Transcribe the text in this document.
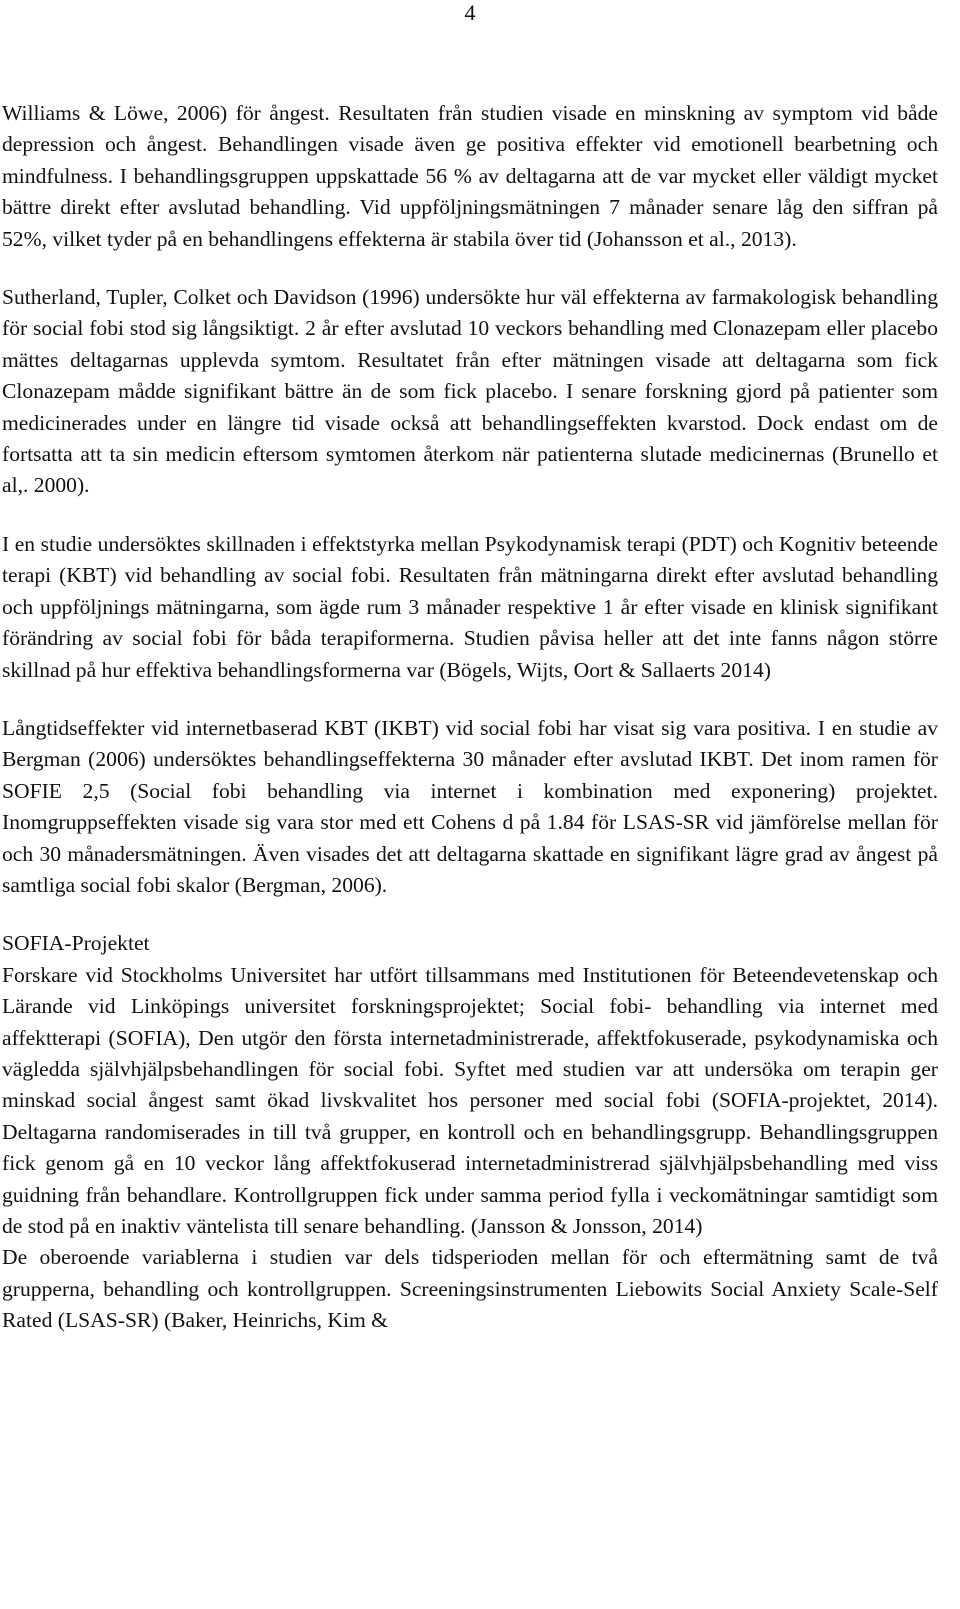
4

Williams & Löwe, 2006) för ångest. Resultaten från studien visade en minskning av symptom vid både depression och ångest. Behandlingen visade även ge positiva effekter vid emotionell bearbetning och mindfulness. I behandlingsgruppen uppskattade 56 % av deltagarna att de var mycket eller väldigt mycket bättre direkt efter avslutad behandling. Vid uppföljningsmätningen 7 månader senare låg den siffran på 52%, vilket tyder på en behandlingens effekterna är stabila över tid (Johansson et al., 2013).

Sutherland, Tupler, Colket och Davidson (1996) undersökte hur väl effekterna av farmakologisk behandling för social fobi stod sig långsiktigt. 2 år efter avslutad 10 veckors behandling med Clonazepam eller placebo mättes deltagarnas upplevda symtom. Resultatet från efter mätningen visade att deltagarna som fick Clonazepam mådde signifikant bättre än de som fick placebo. I senare forskning gjord på patienter som medicinerades under en längre tid visade också att behandlingseffekten kvarstod. Dock endast om de fortsatta att ta sin medicin eftersom symtomen återkom när patienterna slutade medicinernas (Brunello et al,. 2000).

I en studie undersöktes skillnaden i effektstyrka mellan Psykodynamisk terapi (PDT) och Kognitiv beteende terapi (KBT) vid behandling av social fobi. Resultaten från mätningarna direkt efter avslutad behandling och uppföljnings mätningarna, som ägde rum 3 månader respektive 1 år efter visade en klinisk signifikant förändring av social fobi för båda terapiformerna. Studien påvisa heller att det inte fanns någon större skillnad på hur effektiva behandlingsformerna var (Bögels, Wijts, Oort & Sallaerts 2014)

Långtidseffekter vid internetbaserad KBT (IKBT) vid social fobi har visat sig vara positiva. I en studie av Bergman (2006) undersöktes behandlingseffekterna 30 månader efter avslutad IKBT. Det inom ramen för SOFIE 2,5 (Social fobi behandling via internet i kombination med exponering) projektet. Inomgruppseffekten visade sig vara stor med ett Cohens d på 1.84 för LSAS-SR vid jämförelse mellan för och 30 månadersmätningen. Även visades det att deltagarna skattade en signifikant lägre grad av ångest på samtliga social fobi skalor (Bergman, 2006).

SOFIA-Projektet

Forskare vid Stockholms Universitet har utfört tillsammans med Institutionen för Beteendevetenskap och Lärande vid Linköpings universitet forskningsprojektet; Social fobi- behandling via internet med affektterapi (SOFIA), Den utgör den första internetadministrerade, affektfokuserade, psykodynamiska och vägledda självhjälpsbehandlingen för social fobi. Syftet med studien var att undersöka om terapin ger minskad social ångest samt ökad livskvalitet hos personer med social fobi (SOFIA-projektet, 2014). Deltagarna randomiserades in till två grupper, en kontroll och en behandlingsgrupp. Behandlingsgruppen fick genom gå en 10 veckor lång affektfokuserad internetadministrerad självhjälpsbehandling med viss guidning från behandlare. Kontrollgruppen fick under samma period fylla i veckomätningar samtidigt som de stod på en inaktiv väntelista till senare behandling. (Jansson & Jonsson, 2014)

De oberoende variablerna i studien var dels tidsperioden mellan för och eftermätning samt de två grupperna, behandling och kontrollgruppen. Screeningsinstrumenten Liebowits Social Anxiety Scale-Self Rated (LSAS-SR) (Baker, Heinrichs, Kim &
